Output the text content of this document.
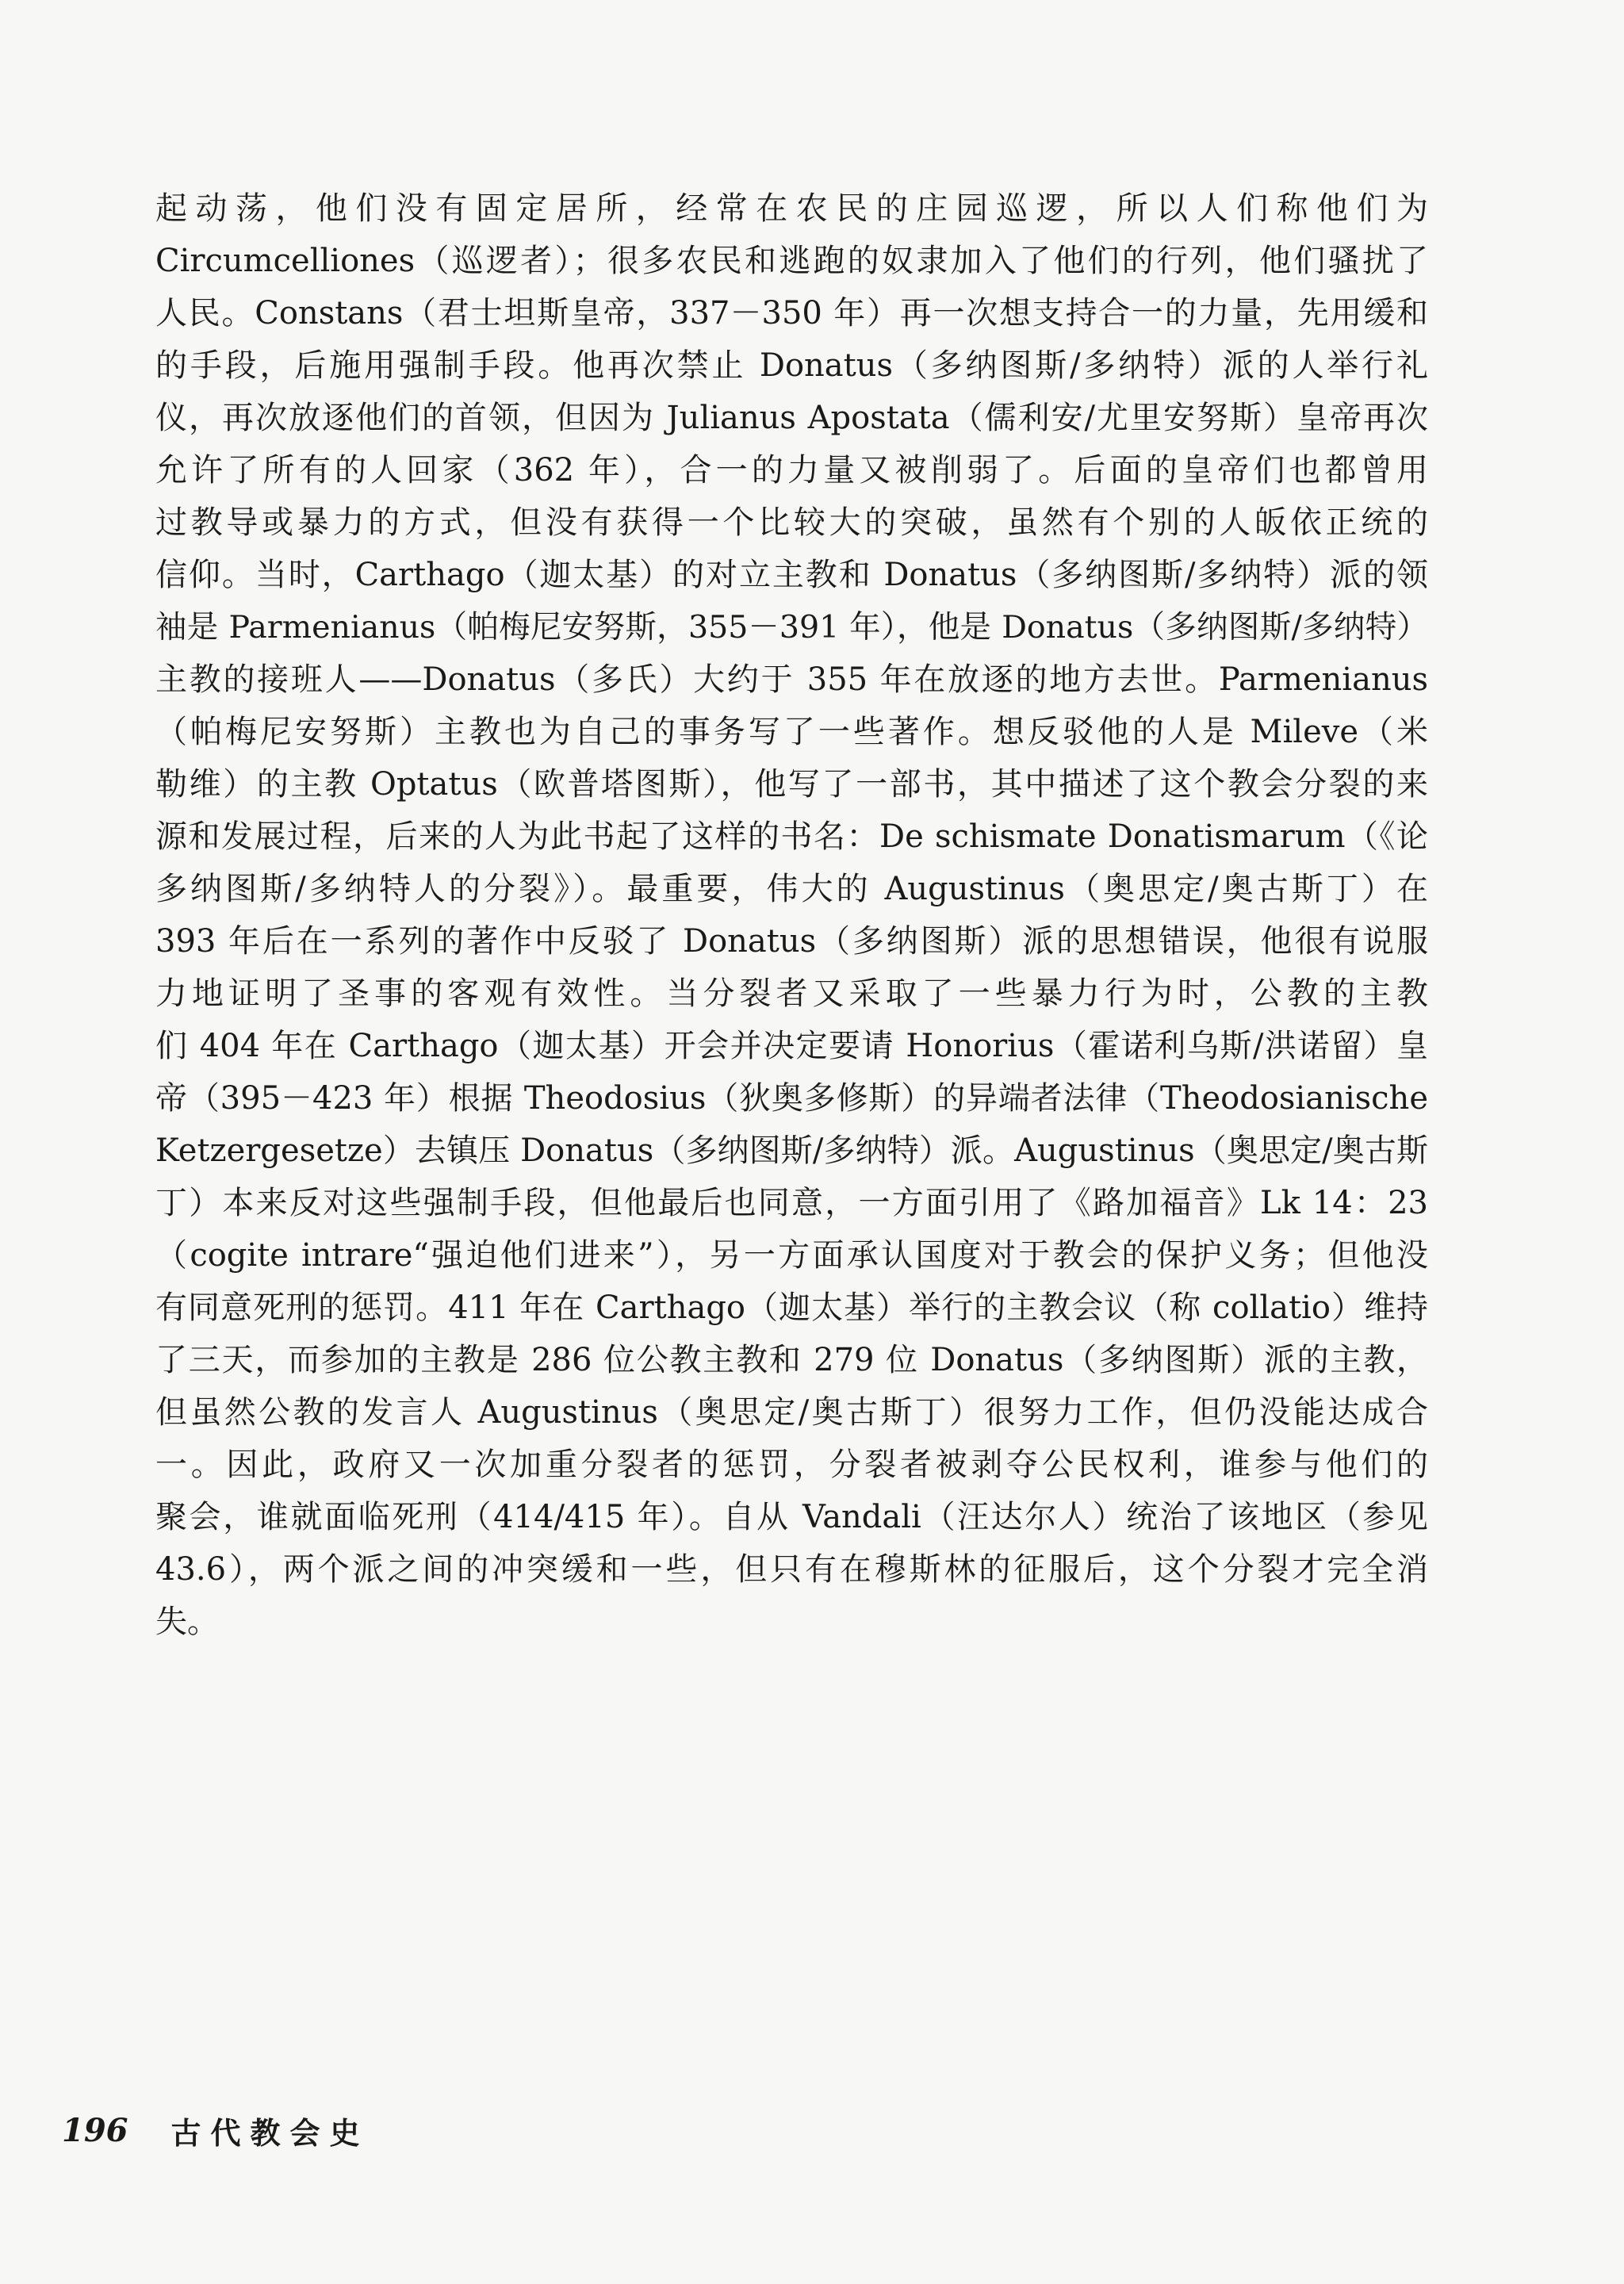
起动荡，他们没有固定居所，经常在农民的庄园巡逻，所以人们称他们为
Circumcelliones（巡逻者）；很多农民和逃跑的奴隶加入了他们的行列，他们骚扰了
人民。Constans（君士坦斯皇帝，337－350 年）再一次想支持合一的力量，先用缓和
的手段，后施用强制手段。他再次禁止 Donatus（多纳图斯/多纳特）派的人举行礼
仪，再次放逐他们的首领，但因为 Julianus Apostata（儒利安/尤里安努斯）皇帝再次
允许了所有的人回家（362 年），合一的力量又被削弱了。后面的皇帝们也都曾用
过教导或暴力的方式，但没有获得一个比较大的突破，虽然有个别的人皈依正统的
信仰。当时，Carthago（迦太基）的对立主教和 Donatus（多纳图斯/多纳特）派的领
袖是 Parmenianus（帕梅尼安努斯，355－391 年），他是 Donatus（多纳图斯/多纳特）
主教的接班人——Donatus（多氏）大约于 355 年在放逐的地方去世。Parmenianus
（帕梅尼安努斯）主教也为自己的事务写了一些著作。想反驳他的人是 Mileve（米
勒维）的主教 Optatus（欧普塔图斯），他写了一部书，其中描述了这个教会分裂的来
源和发展过程，后来的人为此书起了这样的书名：De schismate Donatismarum（《论
多纳图斯/多纳特人的分裂》）。最重要，伟大的 Augustinus（奥思定/奥古斯丁）在
393 年后在一系列的著作中反驳了 Donatus（多纳图斯）派的思想错误，他很有说服
力地证明了圣事的客观有效性。当分裂者又采取了一些暴力行为时，公教的主教
们 404 年在 Carthago（迦太基）开会并决定要请 Honorius（霍诺利乌斯/洪诺留）皇
帝（395－423 年）根据 Theodosius（狄奥多修斯）的异端者法律（Theodosianische
Ketzergesetze）去镇压 Donatus（多纳图斯/多纳特）派。Augustinus（奥思定/奥古斯
丁）本来反对这些强制手段，但他最后也同意，一方面引用了《路加福音》Lk 14：23
（cogite intrare“强迫他们进来”），另一方面承认国度对于教会的保护义务；但他没
有同意死刑的惩罚。411 年在 Carthago（迦太基）举行的主教会议（称 collatio）维持
了三天，而参加的主教是 286 位公教主教和 279 位 Donatus（多纳图斯）派的主教，
但虽然公教的发言人 Augustinus（奥思定/奥古斯丁）很努力工作，但仍没能达成合
一。因此，政府又一次加重分裂者的惩罚，分裂者被剥夺公民权利，谁参与他们的
聚会，谁就面临死刑（414/415 年）。自从 Vandali（汪达尔人）统治了该地区（参见
43.6），两个派之间的冲突缓和一些，但只有在穆斯林的征服后，这个分裂才完全消
失。
196 古代教会史
